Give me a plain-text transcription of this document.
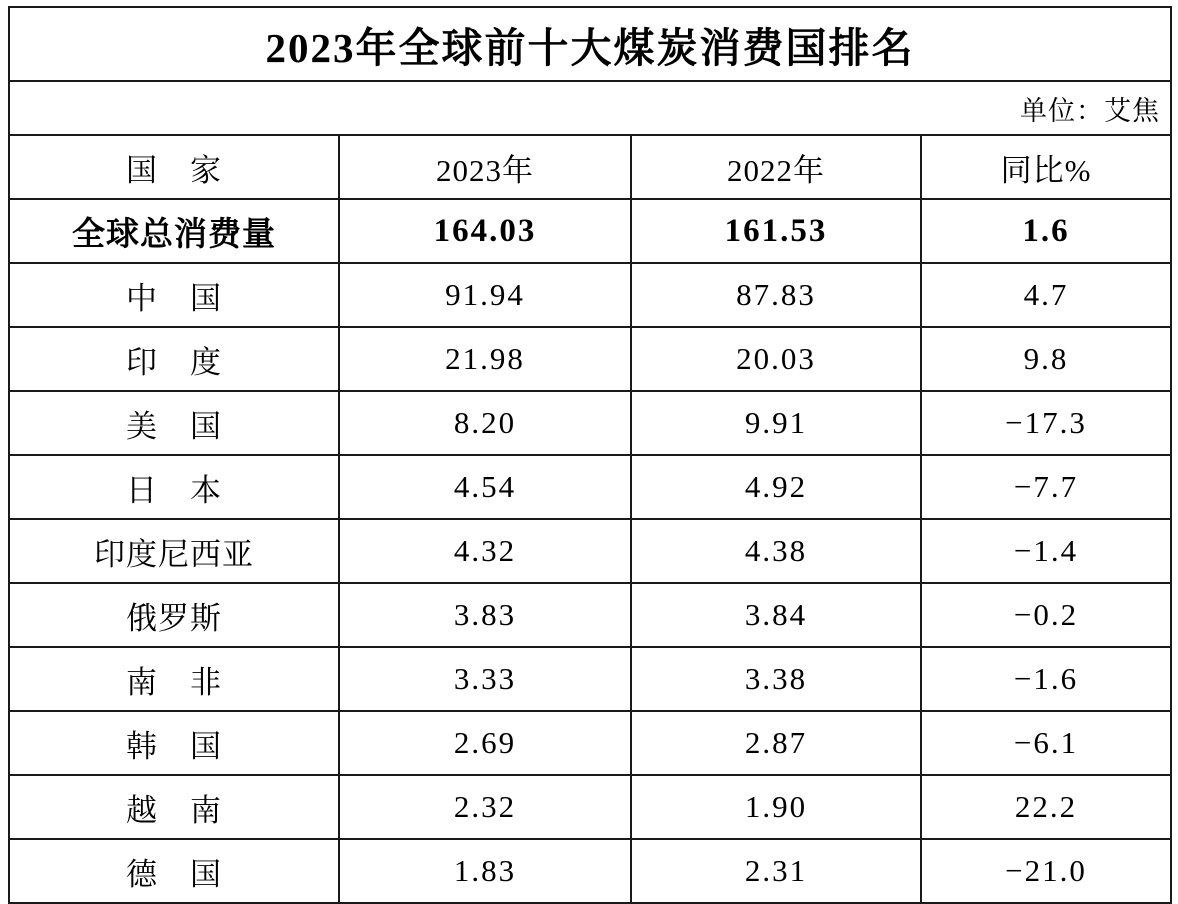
2023年全球前十大煤炭消费国排名			
单位：艾焦			
国　家	2023年	2022年	同比%
全球总消费量	164.03	161.53	1.6
中　国	91.94	87.83	4.7
印　度	21.98	20.03	9.8
美　国	8.20	9.91	−17.3
日　本	4.54	4.92	−7.7
印度尼西亚	4.32	4.38	−1.4
俄罗斯	3.83	3.84	−0.2
南　非	3.33	3.38	−1.6
韩　国	2.69	2.87	−6.1
越　南	2.32	1.90	22.2
德　国	1.83	2.31	−21.0
